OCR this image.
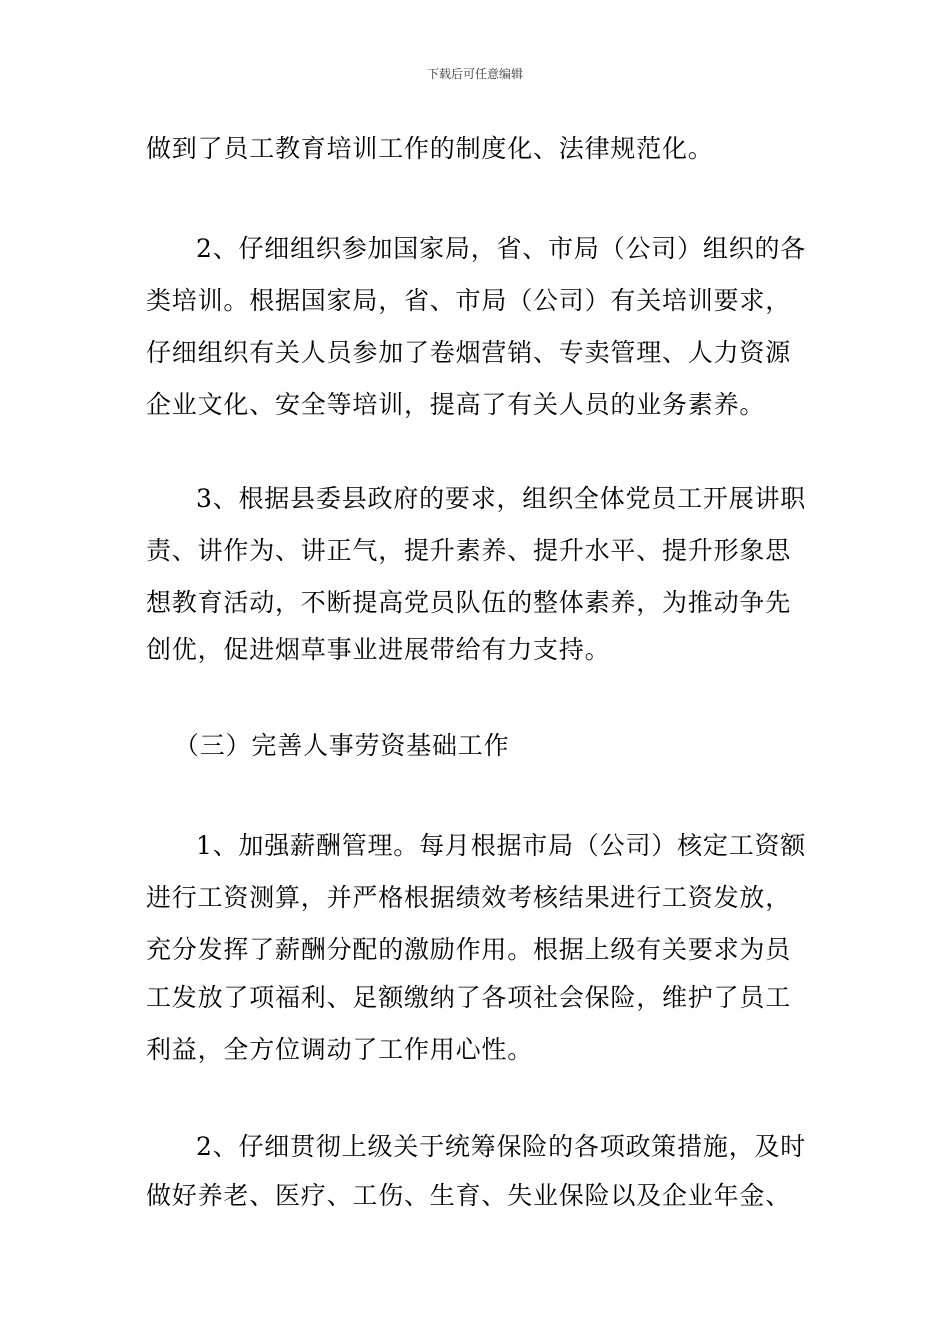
下载后可任意编辑
做到了员工教育培训工作的制度化、法律规范化。
2、仔细组织参加国家局，省、市局（公司）组织的各
类培训。根据国家局，省、市局（公司）有关培训要求，
仔细组织有关人员参加了卷烟营销、专卖管理、人力资源
企业文化、安全等培训，提高了有关人员的业务素养。
3、根据县委县政府的要求，组织全体党员工开展讲职
责、讲作为、讲正气，提升素养、提升水平、提升形象思
想教育活动，不断提高党员队伍的整体素养，为推动争先
创优，促进烟草事业进展带给有力支持。
（三）完善人事劳资基础工作
1、加强薪酬管理。每月根据市局（公司）核定工资额
进行工资测算，并严格根据绩效考核结果进行工资发放，
充分发挥了薪酬分配的激励作用。根据上级有关要求为员
工发放了项福利、足额缴纳了各项社会保险，维护了员工
利益，全方位调动了工作用心性。
2、仔细贯彻上级关于统筹保险的各项政策措施，及时
做好养老、医疗、工伤、生育、失业保险以及企业年金、
